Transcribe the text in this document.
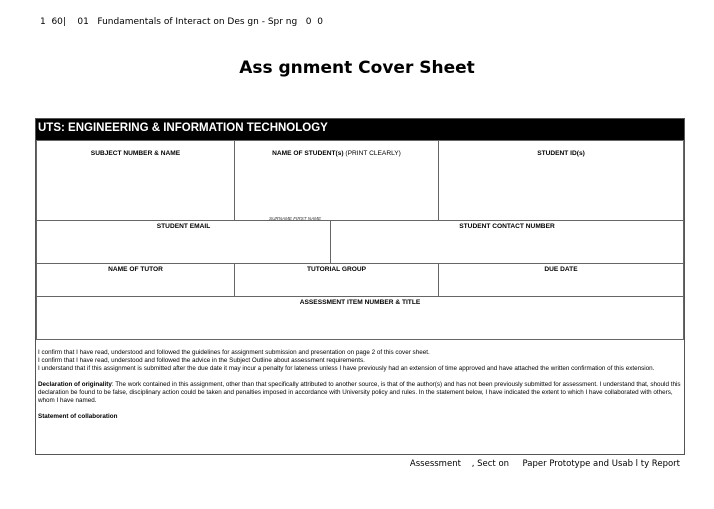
1  60|    01   Fundamentals of Interact on Des gn - Spr ng   0  0
Ass gnment Cover Sheet
UTS: ENGINEERING & INFORMATION TECHNOLOGY
SUBJECT NUMBER & NAME	NAME OF STUDENT(s) (PRINT CLEARLY)	STUDENT ID(s)
SURNAME FIRST NAME
STUDENT EMAIL	STUDENT CONTACT NUMBER
NAME OF TUTOR	TUTORIAL GROUP	DUE DATE
ASSESSMENT ITEM NUMBER & TITLE

I confirm that I have read, understood and followed the guidelines for assignment submission and presentation on page 2 of this cover sheet.

I confirm that I have read, understood and followed the advice in the Subject Outline about assessment requirements.

I understand that if this assignment is submitted after the due date it may incur a penalty for lateness unless I have previously had an extension of time approved and have attached the written confirmation of this extension.

Declaration of originality: The work contained in this assignment, other than that specifically attributed to another source, is that of the author(s) and has not been previously submitted for assessment. I understand that, should this declaration be found to be false, disciplinary action could be taken and penalties imposed in accordance with University policy and rules. In the statement below, I have indicated the extent to which I have collaborated with others, whom I have named.

Statement of collaboration

Assessment    , Sect on     Paper Prototype and Usab l ty Report
